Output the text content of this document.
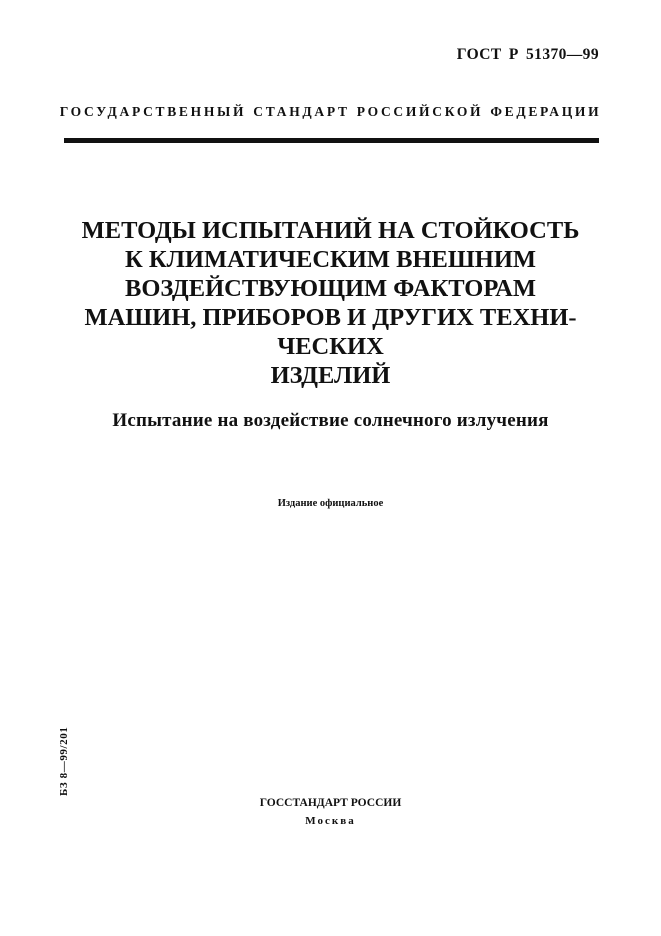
ГОСТ Р 51370—99
ГОСУДАРСТВЕННЫЙ СТАНДАРТ РОССИЙСКОЙ ФЕДЕРАЦИИ
МЕТОДЫ ИСПЫТАНИЙ НА СТОЙКОСТЬ
К КЛИМАТИЧЕСКИМ ВНЕШНИМ
ВОЗДЕЙСТВУЮЩИМ ФАКТОРАМ
МАШИН, ПРИБОРОВ И ДРУГИХ ТЕХНИ-
ЧЕСКИХ
ИЗДЕЛИЙ
Испытание на воздействие солнечного излучения
Издание официальное
БЗ 8—99/201
ГОССТАНДАРТ РОССИИ
Москва
